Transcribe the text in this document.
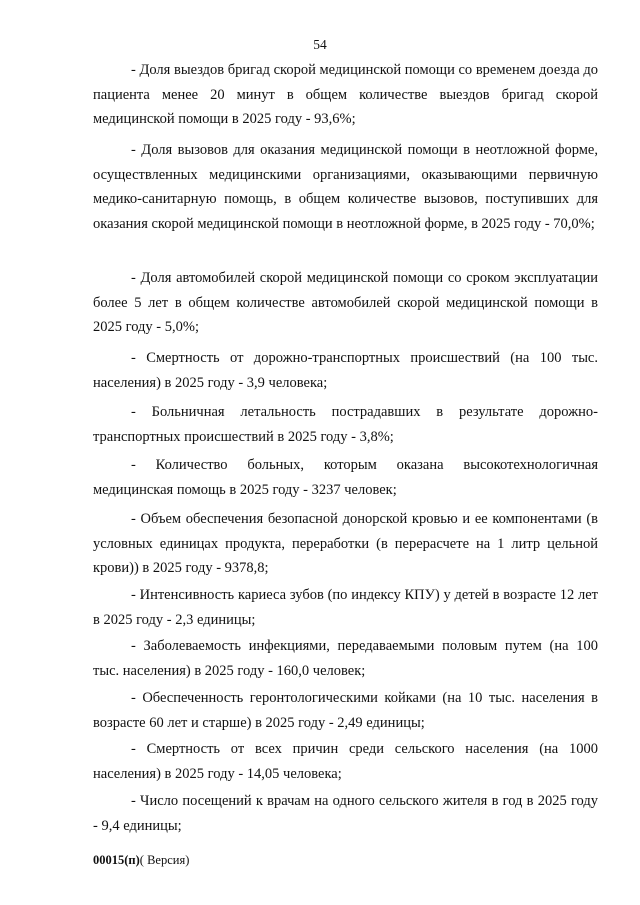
54

- Доля выездов бригад скорой медицинской помощи со временем доезда до пациента менее 20 минут в общем количестве выездов бригад скорой медицинской помощи в 2025 году - 93,6%;

- Доля вызовов для оказания медицинской помощи в неотложной форме, осуществленных медицинскими организациями, оказывающими первичную медико-санитарную помощь, в общем количестве вызовов, поступивших для оказания скорой медицинской помощи в неотложной форме, в 2025 году - 70,0%;

- Доля автомобилей скорой медицинской помощи со сроком эксплуатации более 5 лет в общем количестве автомобилей скорой медицинской помощи в 2025 году - 5,0%;

- Смертность от дорожно-транспортных происшествий (на 100 тыс. населения) в 2025 году - 3,9 человека;

- Больничная летальность пострадавших в результате дорожно-транспортных происшествий в 2025 году - 3,8%;

- Количество больных, которым оказана высокотехнологичная медицинская помощь в 2025 году - 3237 человек;

- Объем обеспечения безопасной донорской кровью и ее компонентами (в условных единицах продукта, переработки (в перерасчете на 1 литр цельной крови)) в 2025 году - 9378,8;

- Интенсивность кариеса зубов (по индексу КПУ) у детей в возрасте 12 лет в 2025 году - 2,3 единицы;

- Заболеваемость инфекциями, передаваемыми половым путем (на 100 тыс. населения) в 2025 году - 160,0 человек;

- Обеспеченность геронтологическими койками (на 10 тыс. населения в возрасте 60 лет и старше) в 2025 году - 2,49 единицы;

- Смертность от всех причин среди сельского населения (на 1000 населения) в 2025 году - 14,05 человека;

- Число посещений к врачам на одного сельского жителя в год в 2025 году - 9,4 единицы;

00015(п)( Версия)
